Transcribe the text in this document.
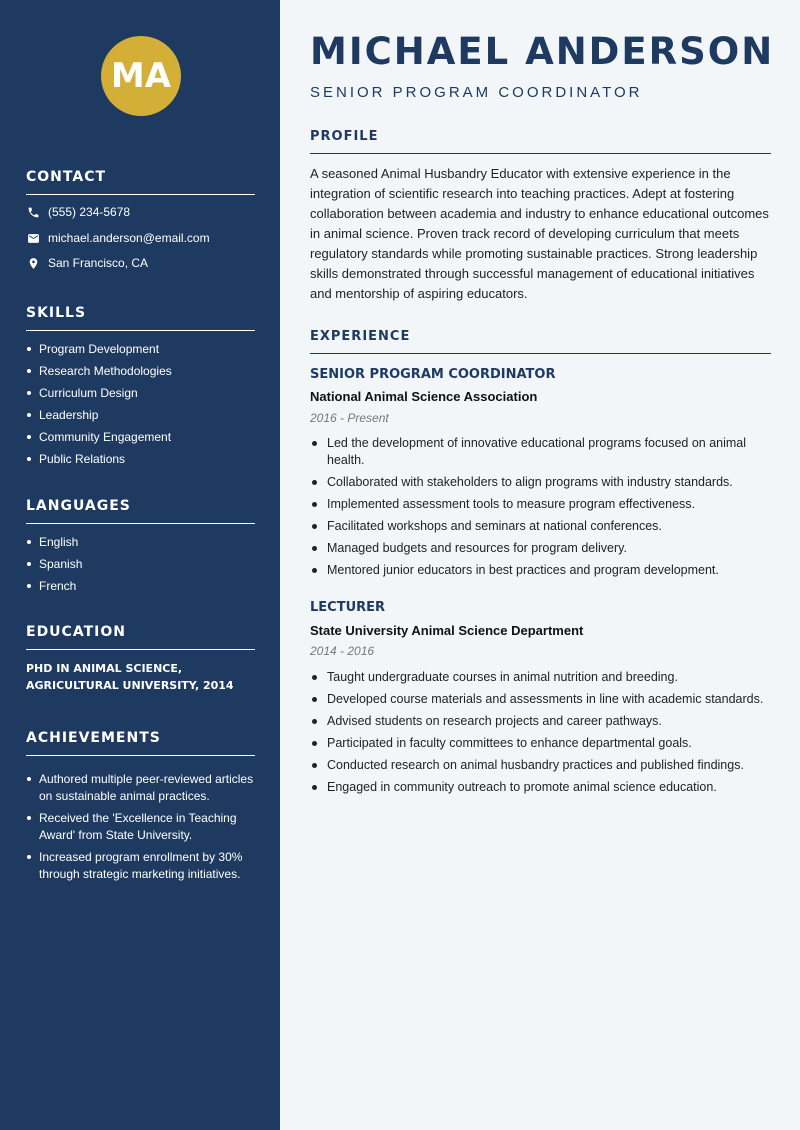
MA
CONTACT
(555) 234-5678
michael.anderson@email.com
San Francisco, CA
SKILLS
Program Development
Research Methodologies
Curriculum Design
Leadership
Community Engagement
Public Relations
LANGUAGES
English
Spanish
French
EDUCATION
PHD IN ANIMAL SCIENCE,
AGRICULTURAL UNIVERSITY, 2014
ACHIEVEMENTS
Authored multiple peer-reviewed articles on sustainable animal practices.
Received the 'Excellence in Teaching Award' from State University.
Increased program enrollment by 30% through strategic marketing initiatives.
MICHAEL ANDERSON
SENIOR PROGRAM COORDINATOR
PROFILE

A seasoned Animal Husbandry Educator with extensive experience in the integration of scientific research into teaching practices. Adept at fostering collaboration between academia and industry to enhance educational outcomes in animal science. Proven track record of developing curriculum that meets regulatory standards while promoting sustainable practices. Strong leadership skills demonstrated through successful management of educational initiatives and mentorship of aspiring educators.

EXPERIENCE
SENIOR PROGRAM COORDINATOR
National Animal Science Association
2016 - Present
Led the development of innovative educational programs focused on animal health.
Collaborated with stakeholders to align programs with industry standards.
Implemented assessment tools to measure program effectiveness.
Facilitated workshops and seminars at national conferences.
Managed budgets and resources for program delivery.
Mentored junior educators in best practices and program development.
LECTURER
State University Animal Science Department
2014 - 2016
Taught undergraduate courses in animal nutrition and breeding.
Developed course materials and assessments in line with academic standards.
Advised students on research projects and career pathways.
Participated in faculty committees to enhance departmental goals.
Conducted research on animal husbandry practices and published findings.
Engaged in community outreach to promote animal science education.
